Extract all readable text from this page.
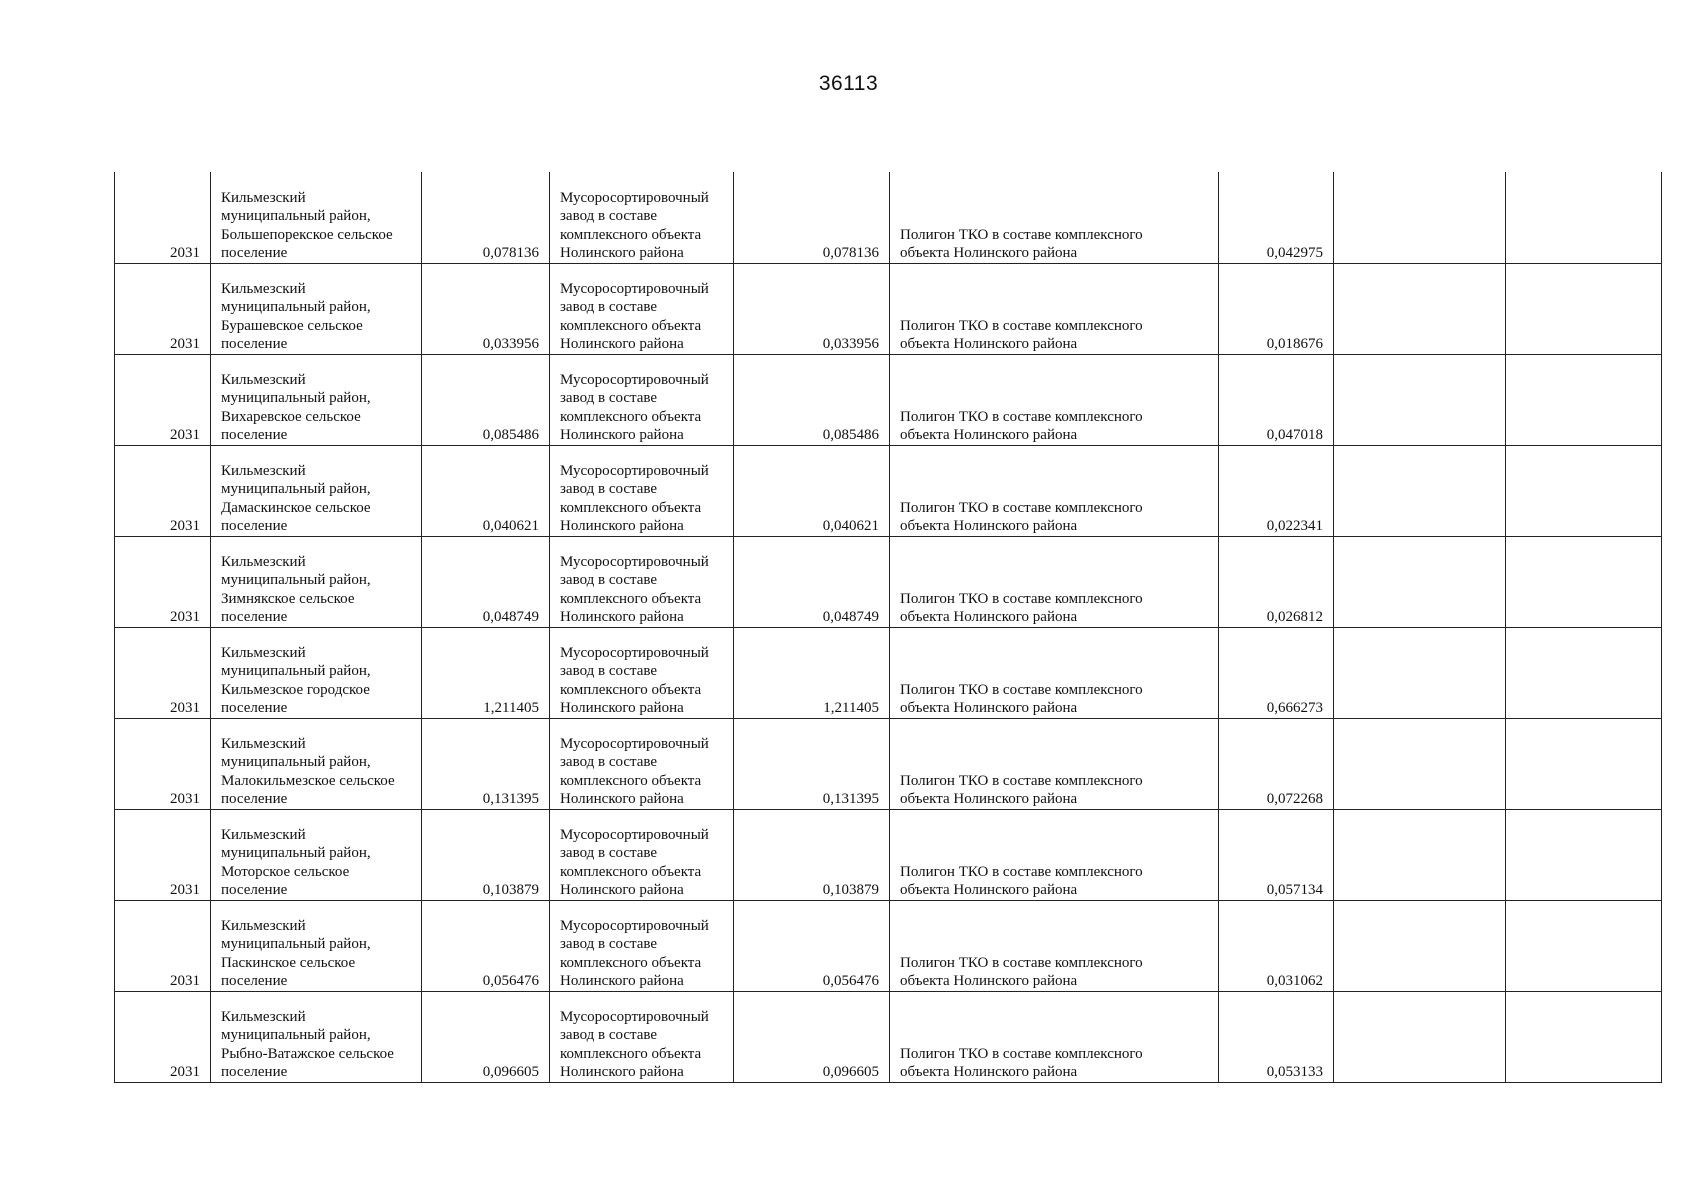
36113
2031	Кильмезский
муниципальный район,
Большепорекское сельское
поселение	0,078136	Мусоросортировочный
завод в составе
комплексного объекта
Нолинского района	0,078136	Полигон ТКО в составе комплексного
объекта Нолинского района	0,042975		
2031	Кильмезский
муниципальный район,
Бурашевское сельское
поселение	0,033956	Мусоросортировочный
завод в составе
комплексного объекта
Нолинского района	0,033956	Полигон ТКО в составе комплексного
объекта Нолинского района	0,018676		
2031	Кильмезский
муниципальный район,
Вихаревское сельское
поселение	0,085486	Мусоросортировочный
завод в составе
комплексного объекта
Нолинского района	0,085486	Полигон ТКО в составе комплексного
объекта Нолинского района	0,047018		
2031	Кильмезский
муниципальный район,
Дамаскинское сельское
поселение	0,040621	Мусоросортировочный
завод в составе
комплексного объекта
Нолинского района	0,040621	Полигон ТКО в составе комплексного
объекта Нолинского района	0,022341		
2031	Кильмезский
муниципальный район,
Зимнякское сельское
поселение	0,048749	Мусоросортировочный
завод в составе
комплексного объекта
Нолинского района	0,048749	Полигон ТКО в составе комплексного
объекта Нолинского района	0,026812		
2031	Кильмезский
муниципальный район,
Кильмезское городское
поселение	1,211405	Мусоросортировочный
завод в составе
комплексного объекта
Нолинского района	1,211405	Полигон ТКО в составе комплексного
объекта Нолинского района	0,666273		
2031	Кильмезский
муниципальный район,
Малокильмезское сельское
поселение	0,131395	Мусоросортировочный
завод в составе
комплексного объекта
Нолинского района	0,131395	Полигон ТКО в составе комплексного
объекта Нолинского района	0,072268		
2031	Кильмезский
муниципальный район,
Моторское сельское
поселение	0,103879	Мусоросортировочный
завод в составе
комплексного объекта
Нолинского района	0,103879	Полигон ТКО в составе комплексного
объекта Нолинского района	0,057134		
2031	Кильмезский
муниципальный район,
Паскинское сельское
поселение	0,056476	Мусоросортировочный
завод в составе
комплексного объекта
Нолинского района	0,056476	Полигон ТКО в составе комплексного
объекта Нолинского района	0,031062		
2031	Кильмезский
муниципальный район,
Рыбно-Ватажское сельское
поселение	0,096605	Мусоросортировочный
завод в составе
комплексного объекта
Нолинского района	0,096605	Полигон ТКО в составе комплексного
объекта Нолинского района	0,053133		
